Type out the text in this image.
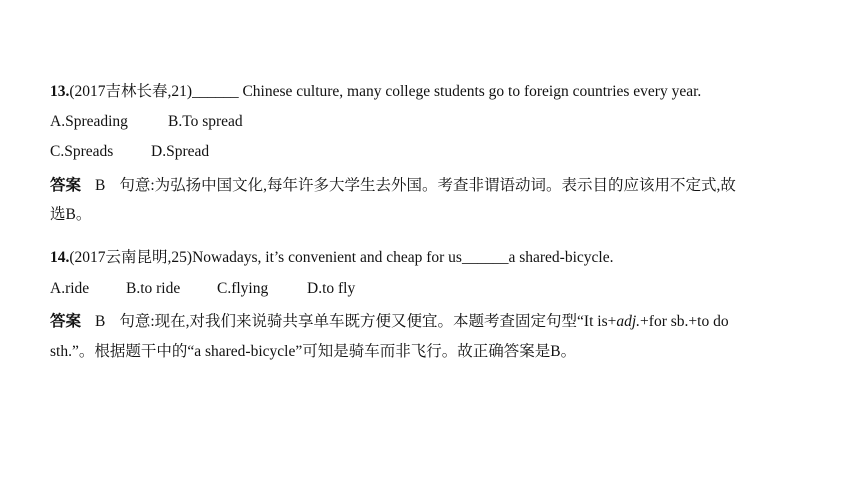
13.(2017吉林长春,21)______ Chinese culture, many college students go to foreign countries every year.
A.Spreading	B.To spread
C.Spreads D.Spread
答案 B 句意:为弘扬中国文化,每年许多大学生去外国。考查非谓语动词。表示目的应该用不定式,故
选B。
14.(2017云南昆明,25)Nowadays, it’s convenient and cheap for us______a shared-bicycle.
A.ride B.to ride C.flying	D.to fly
答案 B 句意:现在,对我们来说骑共享单车既方便又便宜。本题考查固定句型“It is+adj.+for sb.+to do
sth.”。根据题干中的“a shared-bicycle”可知是骑车而非飞行。故正确答案是B。
